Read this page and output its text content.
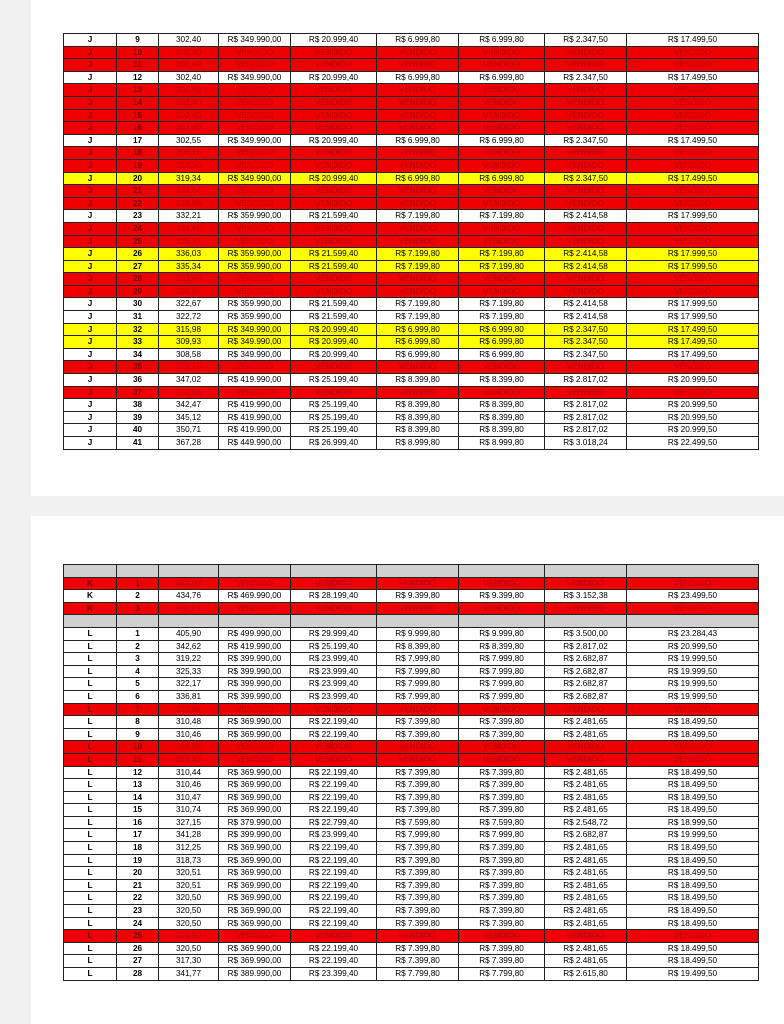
J	9	302,40	R$ 349.990,00	R$ 20.999,40	R$ 6.999,80	R$ 6.999,80	R$ 2.347,50	R$ 17.499,50
J	10	302,40	VENDIDO	VENDIDO	VENDIDO	VENDIDO	VENDIDO	VENDIDO
J	11	302,40	VENDIDO	VENDIDO	VENDIDO	VENDIDO	VENDIDO	VENDIDO
J	12	302,40	R$ 349.990,00	R$ 20.999,40	R$ 6.999,80	R$ 6.999,80	R$ 2.347,50	R$ 17.499,50
J	13	302,40	VENDIDO	VENDIDO	VENDIDO	VENDIDO	VENDIDO	VENDIDO
J	14	302,40	VENDIDO	VENDIDO	VENDIDO	VENDIDO	VENDIDO	VENDIDO
J	15	302,40	VENDIDO	VENDIDO	VENDIDO	VENDIDO	VENDIDO	VENDIDO
J	16	302,40	VENDIDO	VENDIDO	VENDIDO	VENDIDO	VENDIDO	VENDIDO
J	17	302,55	R$ 349.990,00	R$ 20.999,40	R$ 6.999,80	R$ 6.999,80	R$ 2.347,50	R$ 17.499,50
J	18	306,16	VENDIDO	VENDIDO	VENDIDO	VENDIDO	VENDIDO	VENDIDO
J	19	313,20	VENDIDO	VENDIDO	VENDIDO	VENDIDO	VENDIDO	VENDIDO
J	20	319,34	R$ 349.990,00	R$ 20.999,40	R$ 6.999,80	R$ 6.999,80	R$ 2.347,50	R$ 17.499,50
J	21	324,64	VENDIDO	VENDIDO	VENDIDO	VENDIDO	VENDIDO	VENDIDO
J	22	328,86	VENDIDO	VENDIDO	VENDIDO	VENDIDO	VENDIDO	VENDIDO
J	23	332,21	R$ 359.990,00	R$ 21.599,40	R$ 7.199,80	R$ 7.199,80	R$ 2.414,58	R$ 17.999,50
J	24	334,45	VENDIDO	VENDIDO	VENDIDO	VENDIDO	VENDIDO	VENDIDO
J	25	335,74	VENDIDO	VENDIDO	VENDIDO	VENDIDO	VENDIDO	VENDIDO
J	26	336,03	R$ 359.990,00	R$ 21.599,40	R$ 7.199,80	R$ 7.199,80	R$ 2.414,58	R$ 17.999,50
J	27	335,34	R$ 359.990,00	R$ 21.599,40	R$ 7.199,80	R$ 7.199,80	R$ 2.414,58	R$ 17.999,50
J	28	333,65	VENDIDO	VENDIDO	VENDIDO	VENDIDO	VENDIDO	VENDIDO
J	29	330,97	VENDIDO	VENDIDO	VENDIDO	VENDIDO	VENDIDO	VENDIDO
J	30	322,67	R$ 359.990,00	R$ 21.599,40	R$ 7.199,80	R$ 7.199,80	R$ 2.414,58	R$ 17.999,50
J	31	322,72	R$ 359.990,00	R$ 21.599,40	R$ 7.199,80	R$ 7.199,80	R$ 2.414,58	R$ 17.999,50
J	32	315,98	R$ 349.990,00	R$ 20.999,40	R$ 6.999,80	R$ 6.999,80	R$ 2.347,50	R$ 17.499,50
J	33	309,93	R$ 349.990,00	R$ 20.999,40	R$ 6.999,80	R$ 6.999,80	R$ 2.347,50	R$ 17.499,50
J	34	308,58	R$ 349.990,00	R$ 20.999,40	R$ 6.999,80	R$ 6.999,80	R$ 2.347,50	R$ 17.499,50
J	35	319,75	VENDIDO	VENDIDO	VENDIDO	VENDIDO	VENDIDO	VENDIDO
J	36	347,02	R$ 419.990,00	R$ 25.199,40	R$ 8.399,80	R$ 8.399,80	R$ 2.817,02	R$ 20.999,50
J	37	355,53	VENDIDO	VENDIDO	VENDIDO	VENDIDO	VENDIDO	VENDIDO
J	38	342,47	R$ 419.990,00	R$ 25.199,40	R$ 8.399,80	R$ 8.399,80	R$ 2.817,02	R$ 20.999,50
J	39	345,12	R$ 419.990,00	R$ 25.199,40	R$ 8.399,80	R$ 8.399,80	R$ 2.817,02	R$ 20.999,50
J	40	350,71	R$ 419.990,00	R$ 25.199,40	R$ 8.399,80	R$ 8.399,80	R$ 2.817,02	R$ 20.999,50
J	41	367,28	R$ 449.990,00	R$ 26.999,40	R$ 8.999,80	R$ 8.999,80	R$ 3.018,24	R$ 22.499,50

K	1	410,03	VENDIDO	VENDIDO	VENDIDO	VENDIDO	VENDIDO	VENDIDO
K	2	434,76	R$ 469.990,00	R$ 28.199,40	R$ 9.399,80	R$ 9.399,80	R$ 3.152,38	R$ 23.499,50
K	3	430,01	VENDIDO	VENDIDO	VENDIDO	VENDIDO	VENDIDO	VENDIDO

L	1	405,90	R$ 499.990,00	R$ 29.999,40	R$ 9.999,80	R$ 9.999,80	R$ 3.500,00	R$ 23.284,43
L	2	342,62	R$ 419.990,00	R$ 25.199,40	R$ 8.399,80	R$ 8.399,80	R$ 2.817,02	R$ 20.999,50
L	3	319,22	R$ 399.990,00	R$ 23.999,40	R$ 7.999,80	R$ 7.999,80	R$ 2.682,87	R$ 19.999,50
L	4	325,33	R$ 399.990,00	R$ 23.999,40	R$ 7.999,80	R$ 7.999,80	R$ 2.682,87	R$ 19.999,50
L	5	322,17	R$ 399.990,00	R$ 23.999,40	R$ 7.999,80	R$ 7.999,80	R$ 2.682,87	R$ 19.999,50
L	6	336,81	R$ 399.990,00	R$ 23.999,40	R$ 7.999,80	R$ 7.999,80	R$ 2.682,87	R$ 19.999,50
L	7	311,86	VENDIDO	VENDIDO	VENDIDO	VENDIDO	VENDIDO	VENDIDO
L	8	310,48	R$ 369.990,00	R$ 22.199,40	R$ 7.399,80	R$ 7.399,80	R$ 2.481,65	R$ 18.499,50
L	9	310,46	R$ 369.990,00	R$ 22.199,40	R$ 7.399,80	R$ 7.399,80	R$ 2.481,65	R$ 18.499,50
L	10	310,45	VENDIDO	VENDIDO	VENDIDO	VENDIDO	VENDIDO	VENDIDO
L	11	310,43	VENDIDO	VENDIDO	VENDIDO	VENDIDO	VENDIDO	VENDIDO
L	12	310,44	R$ 369.990,00	R$ 22.199,40	R$ 7.399,80	R$ 7.399,80	R$ 2.481,65	R$ 18.499,50
L	13	310,46	R$ 369.990,00	R$ 22.199,40	R$ 7.399,80	R$ 7.399,80	R$ 2.481,65	R$ 18.499,50
L	14	310,47	R$ 369.990,00	R$ 22.199,40	R$ 7.399,80	R$ 7.399,80	R$ 2.481,65	R$ 18.499,50
L	15	310,74	R$ 369.990,00	R$ 22.199,40	R$ 7.399,80	R$ 7.399,80	R$ 2.481,65	R$ 18.499,50
L	16	327,15	R$ 379.990,00	R$ 22.799,40	R$ 7.599,80	R$ 7.599,80	R$ 2.548,72	R$ 18.999,50
L	17	341,28	R$ 399.990,00	R$ 23.999,40	R$ 7.999,80	R$ 7.999,80	R$ 2.682,87	R$ 19.999,50
L	18	312,25	R$ 369.990,00	R$ 22.199,40	R$ 7.399,80	R$ 7.399,80	R$ 2.481,65	R$ 18.499,50
L	19	318,73	R$ 369.990,00	R$ 22.199,40	R$ 7.399,80	R$ 7.399,80	R$ 2.481,65	R$ 18.499,50
L	20	320,51	R$ 369.990,00	R$ 22.199,40	R$ 7.399,80	R$ 7.399,80	R$ 2.481,65	R$ 18.499,50
L	21	320,51	R$ 369.990,00	R$ 22.199,40	R$ 7.399,80	R$ 7.399,80	R$ 2.481,65	R$ 18.499,50
L	22	320,50	R$ 369.990,00	R$ 22.199,40	R$ 7.399,80	R$ 7.399,80	R$ 2.481,65	R$ 18.499,50
L	23	320,50	R$ 369.990,00	R$ 22.199,40	R$ 7.399,80	R$ 7.399,80	R$ 2.481,65	R$ 18.499,50
L	24	320,50	R$ 369.990,00	R$ 22.199,40	R$ 7.399,80	R$ 7.399,80	R$ 2.481,65	R$ 18.499,50
L	25	320,50	VENDIDO	VENDIDO	VENDIDO	VENDIDO	VENDIDO	VENDIDO
L	26	320,50	R$ 369.990,00	R$ 22.199,40	R$ 7.399,80	R$ 7.399,80	R$ 2.481,65	R$ 18.499,50
L	27	317,30	R$ 369.990,00	R$ 22.199,40	R$ 7.399,80	R$ 7.399,80	R$ 2.481,65	R$ 18.499,50
L	28	341,77	R$ 389.990,00	R$ 23.399,40	R$ 7.799,80	R$ 7.799,80	R$ 2.615,80	R$ 19.499,50
